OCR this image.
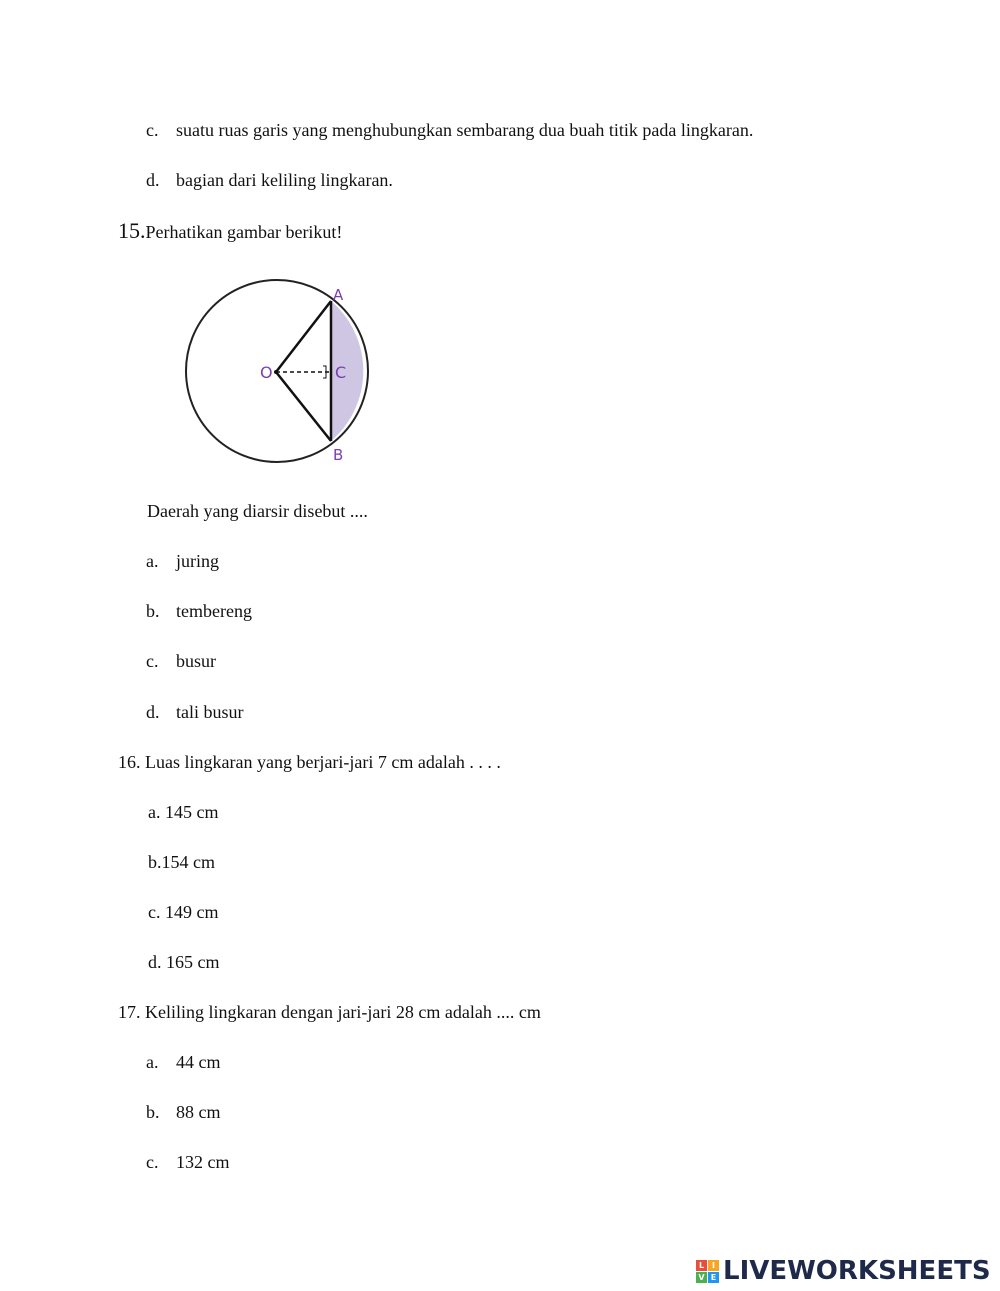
c. suatu ruas garis yang menghubungkan sembarang dua buah titik pada lingkaran.
d. bagian dari keliling lingkaran.
15.Perhatikan gambar berikut!
O
A
C
B
Daerah yang diarsir disebut ....
a. juring
b. tembereng
c. busur
d. tali busur
16. Luas lingkaran yang berjari-jari 7 cm adalah . . . .
a. 145 cm
b.154 cm
c. 149 cm
d. 165 cm
17. Keliling lingkaran dengan jari-jari 28 cm adalah .... cm
a. 44 cm
b. 88 cm
c. 132 cm
L I
V E LIVEWORKSHEETS
